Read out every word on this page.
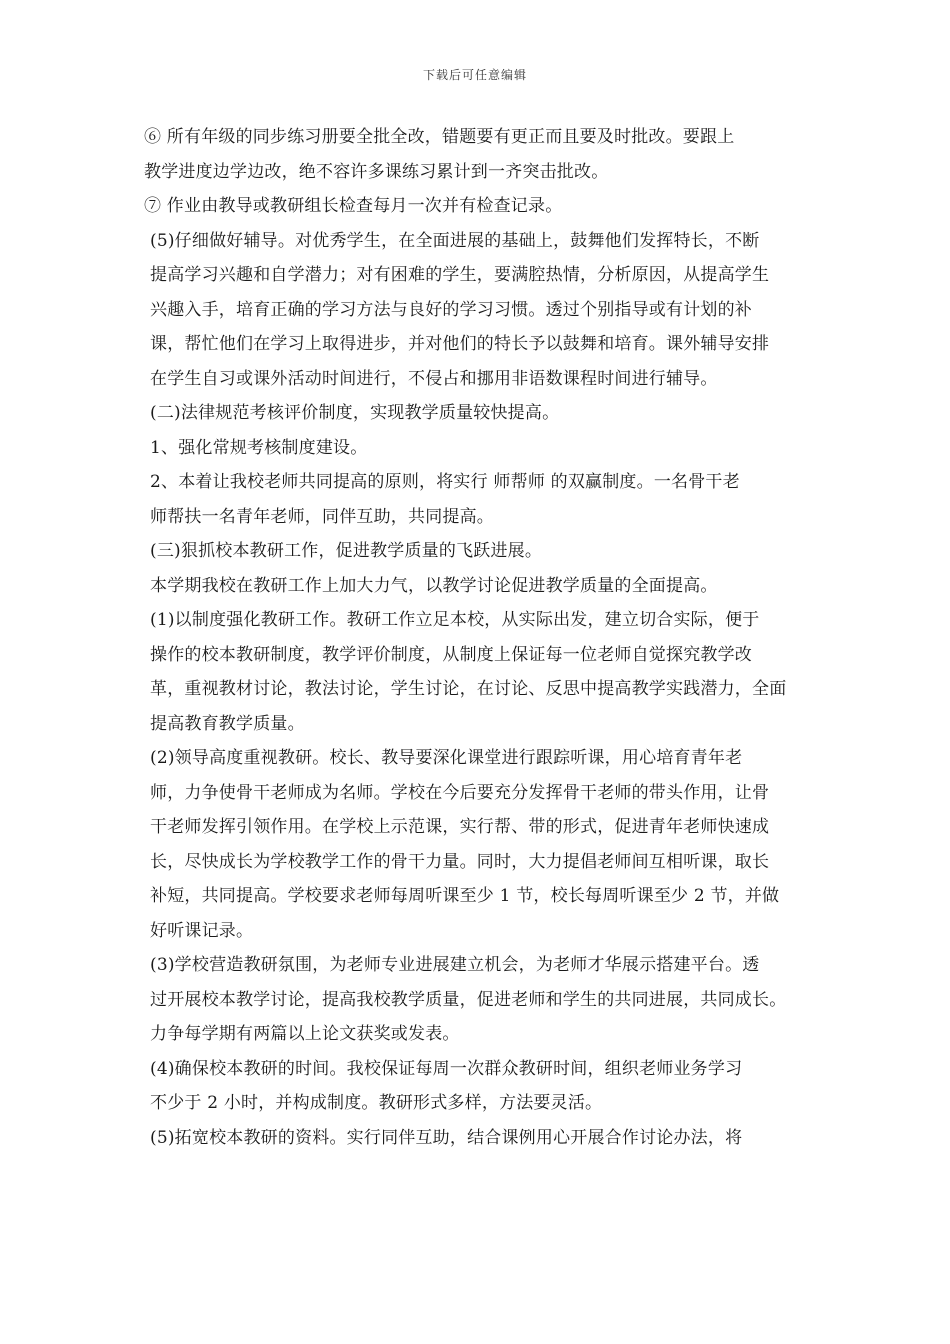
下载后可任意编辑

⑥ 所有年级的同步练习册要全批全改，错题要有更正而且要及时批改。要跟上
教学进度边学边改，绝不容许多课练习累计到一齐突击批改。

⑦ 作业由教导或教研组长检查每月一次并有检查记录。

(5)仔细做好辅导。对优秀学生，在全面进展的基础上，鼓舞他们发挥特长，不断
提高学习兴趣和自学潜力；对有困难的学生，要满腔热情，分析原因，从提高学生
兴趣入手，培育正确的学习方法与良好的学习习惯。透过个别指导或有计划的补
课，帮忙他们在学习上取得进步，并对他们的特长予以鼓舞和培育。课外辅导安排
在学生自习或课外活动时间进行，不侵占和挪用非语数课程时间进行辅导。

(二)法律规范考核评价制度，实现教学质量较快提高。

1、强化常规考核制度建设。

2、本着让我校老师共同提高的原则，将实行 师帮师 的双赢制度。一名骨干老
师帮扶一名青年老师，同伴互助，共同提高。

(三)狠抓校本教研工作，促进教学质量的飞跃进展。

本学期我校在教研工作上加大力气，以教学讨论促进教学质量的全面提高。

(1)以制度强化教研工作。教研工作立足本校，从实际出发，建立切合实际，便于
操作的校本教研制度，教学评价制度，从制度上保证每一位老师自觉探究教学改
革，重视教材讨论，教法讨论，学生讨论，在讨论、反思中提高教学实践潜力，全面
提高教育教学质量。

(2)领导高度重视教研。校长、教导要深化课堂进行跟踪听课，用心培育青年老
师，力争使骨干老师成为名师。学校在今后要充分发挥骨干老师的带头作用，让骨
干老师发挥引领作用。在学校上示范课，实行帮、带的形式，促进青年老师快速成
长，尽快成长为学校教学工作的骨干力量。同时，大力提倡老师间互相听课，取长
补短，共同提高。学校要求老师每周听课至少 1 节，校长每周听课至少 2 节，并做
好听课记录。

(3)学校营造教研氛围，为老师专业进展建立机会，为老师才华展示搭建平台。透
过开展校本教学讨论，提高我校教学质量，促进老师和学生的共同进展，共同成长。
力争每学期有两篇以上论文获奖或发表。

(4)确保校本教研的时间。我校保证每周一次群众教研时间，组织老师业务学习
不少于 2 小时，并构成制度。教研形式多样，方法要灵活。

(5)拓宽校本教研的资料。实行同伴互助，结合课例用心开展合作讨论办法，将
